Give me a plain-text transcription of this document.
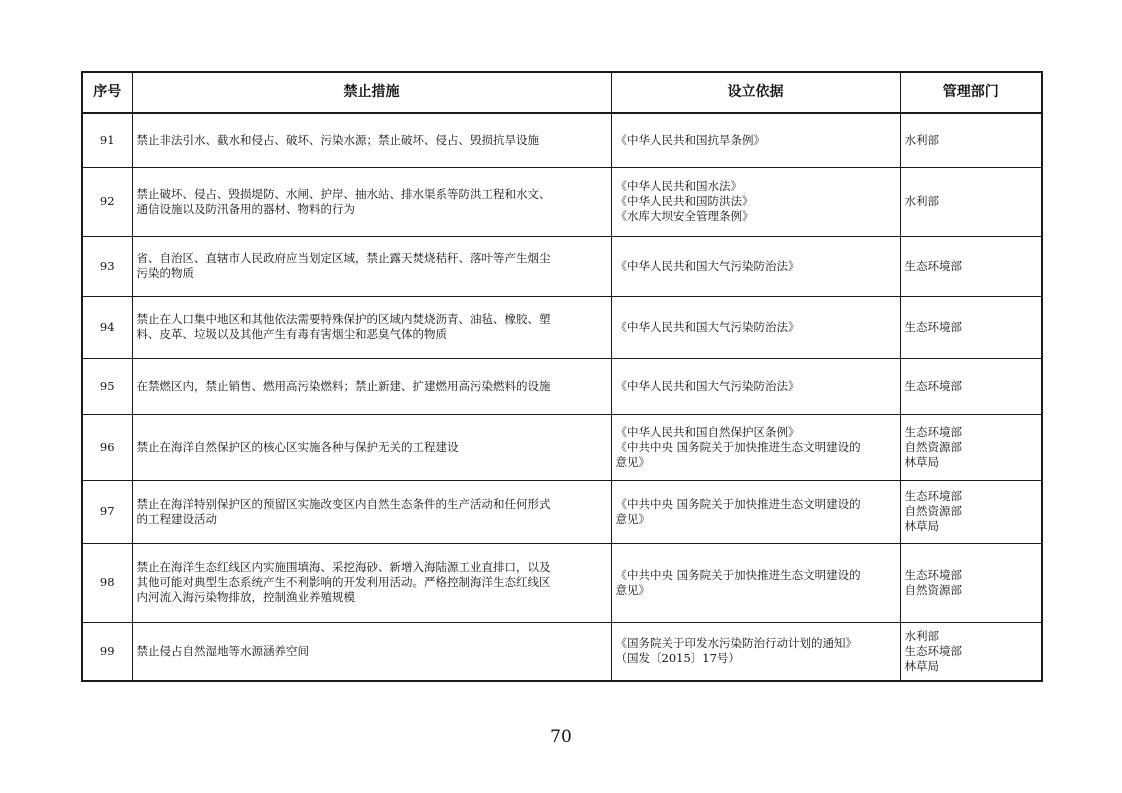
序号	禁止措施	设立依据	管理部门
91	禁止非法引水、截水和侵占、破坏、污染水源；禁止破坏、侵占、毁损抗旱设施	《中华人民共和国抗旱条例》	水利部

92	禁止破坏、侵占、毁损堤防、水闸、护岸、抽水站、排水渠系等防洪工程和水文、
通信设施以及防汛备用的器材、物料的行为	《中华人民共和国水法》
《中华人民共和国防洪法》
《水库大坝安全管理条例》	水利部

93	省、自治区、直辖市人民政府应当划定区域，禁止露天焚烧秸秆、落叶等产生烟尘
污染的物质	《中华人民共和国大气污染防治法》	生态环境部

94	禁止在人口集中地区和其他依法需要特殊保护的区域内焚烧沥青、油毡、橡胶、塑
料、皮革、垃圾以及其他产生有毒有害烟尘和恶臭气体的物质	《中华人民共和国大气污染防治法》	生态环境部

95	在禁燃区内，禁止销售、燃用高污染燃料；禁止新建、扩建燃用高污染燃料的设施	《中华人民共和国大气污染防治法》	生态环境部

96	禁止在海洋自然保护区的核心区实施各种与保护无关的工程建设	《中华人民共和国自然保护区条例》
《中共中央 国务院关于加快推进生态文明建设的
意见》	生态环境部
自然资源部
林草局

97	禁止在海洋特别保护区的预留区实施改变区内自然生态条件的生产活动和任何形式
的工程建设活动	《中共中央 国务院关于加快推进生态文明建设的
意见》	生态环境部
自然资源部
林草局

98	禁止在海洋生态红线区内实施围填海、采挖海砂、新增入海陆源工业直排口，以及
其他可能对典型生态系统产生不利影响的开发利用活动。严格控制海洋生态红线区
内河流入海污染物排放，控制渔业养殖规模	《中共中央 国务院关于加快推进生态文明建设的
意见》	生态环境部
自然资源部

99	禁止侵占自然湿地等水源涵养空间	《国务院关于印发水污染防治行动计划的通知》
（国发〔2015〕17号）	水利部
生态环境部
林草局
70
